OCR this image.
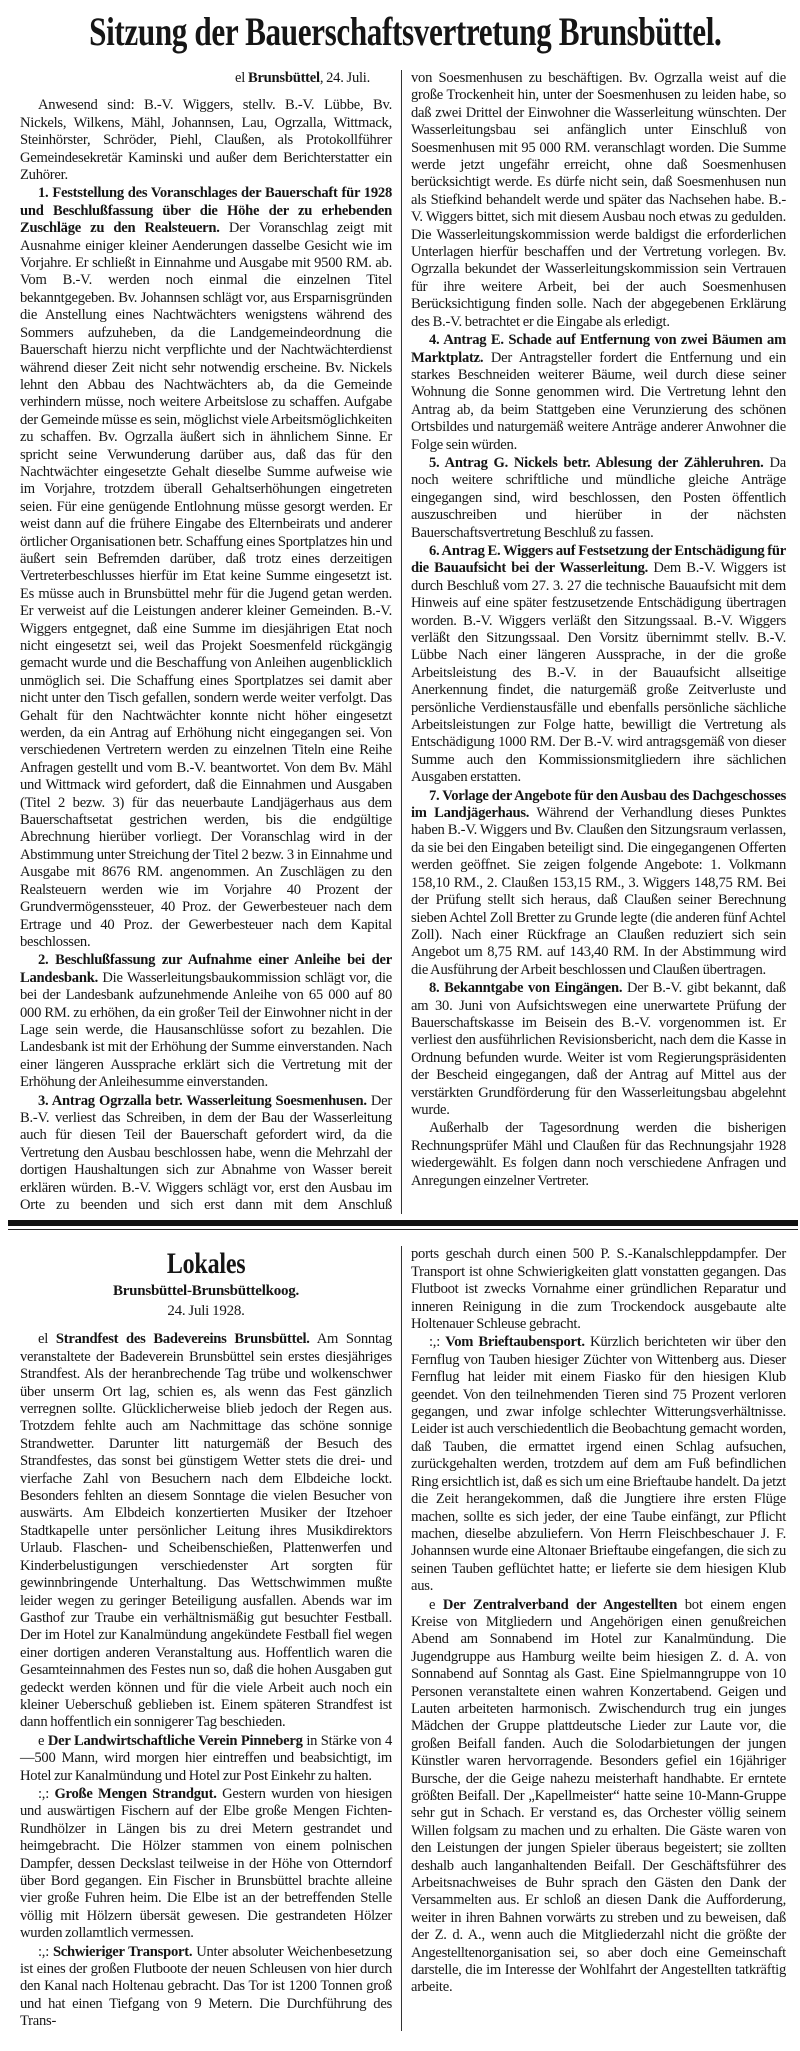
Sitzung der Bauerschaftsvertretung Brunsbüttel.
el Brunsbüttel, 24. Juli.

Anwesend sind: B.-V. Wiggers, stellv. B.-V. Lübbe, Bv. Nickels, Wilkens, Mähl, Johannsen, Lau, Ogrzalla, Wittmack, Steinhörster, Schröder, Piehl, Claußen, als Protokollführer Gemeindesekretär Kaminski und außer dem Berichterstatter ein Zuhörer.

1. Feststellung des Voranschlages der Bauerschaft für 1928 und Beschlußfassung über die Höhe der zu erhebenden Zuschläge zu den Realsteuern. Der Voranschlag zeigt mit Ausnahme einiger kleiner Aenderungen dasselbe Gesicht wie im Vorjahre. Er schließt in Einnahme und Ausgabe mit 9500 RM. ab. Vom B.-V. werden noch einmal die einzelnen Titel bekanntgegeben. Bv. Johannsen schlägt vor, aus Ersparnisgründen die Anstellung eines Nachtwächters wenigstens während des Sommers aufzuheben, da die Landgemeindeordnung die Bauerschaft hierzu nicht verpflichte und der Nachtwächterdienst während dieser Zeit nicht sehr notwendig erscheine. Bv. Nickels lehnt den Abbau des Nachtwächters ab, da die Gemeinde verhindern müsse, noch weitere Arbeitslose zu schaffen. Aufgabe der Gemeinde müsse es sein, möglichst viele Arbeitsmöglichkeiten zu schaffen. Bv. Ogrzalla äußert sich in ähnlichem Sinne. Er spricht seine Verwunderung darüber aus, daß das für den Nachtwächter eingesetzte Gehalt dieselbe Summe aufweise wie im Vorjahre, trotzdem überall Gehaltserhöhungen eingetreten seien. Für eine genügende Entlohnung müsse gesorgt werden. Er weist dann auf die frühere Eingabe des Elternbeirats und anderer örtlicher Organisationen betr. Schaffung eines Sportplatzes hin und äußert sein Befremden darüber, daß trotz eines derzeitigen Vertreterbeschlusses hierfür im Etat keine Summe eingesetzt ist. Es müsse auch in Brunsbüttel mehr für die Jugend getan werden. Er verweist auf die Leistungen anderer kleiner Gemeinden. B.-V. Wiggers entgegnet, daß eine Summe im diesjährigen Etat noch nicht eingesetzt sei, weil das Projekt Soesmenfeld rückgängig gemacht wurde und die Beschaffung von Anleihen augenblicklich unmöglich sei. Die Schaffung eines Sportplatzes sei damit aber nicht unter den Tisch gefallen, sondern werde weiter verfolgt. Das Gehalt für den Nachtwächter konnte nicht höher eingesetzt werden, da ein Antrag auf Erhöhung nicht eingegangen sei. Von verschiedenen Vertretern werden zu einzelnen Titeln eine Reihe Anfragen gestellt und vom B.-V. beantwortet. Von dem Bv. Mähl und Wittmack wird gefordert, daß die Einnahmen und Ausgaben (Titel 2 bezw. 3) für das neuerbaute Landjägerhaus aus dem Bauerschaftsetat gestrichen werden, bis die endgültige Abrechnung hierüber vorliegt. Der Voranschlag wird in der Abstimmung unter Streichung der Titel 2 bezw. 3 in Einnahme und Ausgabe mit 8676 RM. angenommen. An Zuschlägen zu den Realsteuern werden wie im Vorjahre 40 Prozent der Grundvermögenssteuer, 40 Proz. der Gewerbesteuer nach dem Ertrage und 40 Proz. der Gewerbesteuer nach dem Kapital beschlossen.

2. Beschlußfassung zur Aufnahme einer Anleihe bei der Landesbank. Die Wasserleitungsbaukommission schlägt vor, die bei der Landesbank aufzunehmende Anleihe von 65 000 auf 80 000 RM. zu erhöhen, da ein großer Teil der Einwohner nicht in der Lage sein werde, die Hausanschlüsse sofort zu bezahlen. Die Landesbank ist mit der Erhöhung der Summe einverstanden. Nach einer längeren Aussprache erklärt sich die Vertretung mit der Erhöhung der Anleihesumme einverstanden.

3. Antrag Ogrzalla betr. Wasserleitung Soesmenhusen. Der B.-V. verliest das Schreiben, in dem der Bau der Wasserleitung auch für diesen Teil der Bauerschaft gefordert wird, da die Vertretung den Ausbau beschlossen habe, wenn die Mehrzahl der dortigen Haushaltungen sich zur Abnahme von Wasser bereit erklären würden. B.-V. Wiggers schlägt vor, erst den Ausbau im Orte zu beenden und sich erst dann mit dem Anschluß

von Soesmenhusen zu beschäftigen. Bv. Ogrzalla weist auf die große Trockenheit hin, unter der Soesmenhusen zu leiden habe, so daß zwei Drittel der Einwohner die Wasserleitung wünschten. Der Wasserleitungsbau sei anfänglich unter Einschluß von Soesmenhusen mit 95 000 RM. veranschlagt worden. Die Summe werde jetzt ungefähr erreicht, ohne daß Soesmenhusen berücksichtigt werde. Es dürfe nicht sein, daß Soesmenhusen nun als Stiefkind behandelt werde und später das Nachsehen habe. B.-V. Wiggers bittet, sich mit diesem Ausbau noch etwas zu gedulden. Die Wasserleitungskommission werde baldigst die erforderlichen Unterlagen hierfür beschaffen und der Vertretung vorlegen. Bv. Ogrzalla bekundet der Wasserleitungskommission sein Vertrauen für ihre weitere Arbeit, bei der auch Soesmenhusen Berücksichtigung finden solle. Nach der abgegebenen Erklärung des B.-V. betrachtet er die Eingabe als erledigt.

4. Antrag E. Schade auf Entfernung von zwei Bäumen am Marktplatz. Der Antragsteller fordert die Entfernung und ein starkes Beschneiden weiterer Bäume, weil durch diese seiner Wohnung die Sonne genommen wird. Die Vertretung lehnt den Antrag ab, da beim Stattgeben eine Verunzierung des schönen Ortsbildes und naturgemäß weitere Anträge anderer Anwohner die Folge sein würden.

5. Antrag G. Nickels betr. Ablesung der Zähleruhren. Da noch weitere schriftliche und mündliche gleiche Anträge eingegangen sind, wird beschlossen, den Posten öffentlich auszuschreiben und hierüber in der nächsten Bauerschaftsvertretung Beschluß zu fassen.

6. Antrag E. Wiggers auf Festsetzung der Entschädigung für die Bauaufsicht bei der Wasserleitung. Dem B.-V. Wiggers ist durch Beschluß vom 27. 3. 27 die technische Bauaufsicht mit dem Hinweis auf eine später festzusetzende Entschädigung übertragen worden. B.-V. Wiggers verläßt den Sitzungssaal. B.-V. Wiggers verläßt den Sitzungssaal. Den Vorsitz übernimmt stellv. B.-V. Lübbe Nach einer längeren Aussprache, in der die große Arbeitsleistung des B.-V. in der Bauaufsicht allseitige Anerkennung findet, die naturgemäß große Zeitverluste und persönliche Verdienstausfälle und ebenfalls persönliche sächliche Arbeitsleistungen zur Folge hatte, bewilligt die Vertretung als Entschädigung 1000 RM. Der B.-V. wird antragsgemäß von dieser Summe auch den Kommissionsmitgliedern ihre sächlichen Ausgaben erstatten.

7. Vorlage der Angebote für den Ausbau des Dachgeschosses im Landjägerhaus. Während der Verhandlung dieses Punktes haben B.-V. Wiggers und Bv. Claußen den Sitzungsraum verlassen, da sie bei den Eingaben beteiligt sind. Die eingegangenen Offerten werden geöffnet. Sie zeigen folgende Angebote: 1. Volkmann 158,10 RM., 2. Claußen 153,15 RM., 3. Wiggers 148,75 RM. Bei der Prüfung stellt sich heraus, daß Claußen seiner Berechnung sieben Achtel Zoll Bretter zu Grunde legte (die anderen fünf Achtel Zoll). Nach einer Rückfrage an Claußen reduziert sich sein Angebot um 8,75 RM. auf 143,40 RM. In der Abstimmung wird die Ausführung der Arbeit beschlossen und Claußen übertragen.

8. Bekanntgabe von Eingängen. Der B.-V. gibt bekannt, daß am 30. Juni von Aufsichtswegen eine unerwartete Prüfung der Bauerschaftskasse im Beisein des B.-V. vorgenommen ist. Er verliest den ausführlichen Revisionsbericht, nach dem die Kasse in Ordnung befunden wurde. Weiter ist vom Regierungspräsidenten der Bescheid eingegangen, daß der Antrag auf Mittel aus der verstärkten Grundförderung für den Wasserleitungsbau abgelehnt wurde.

Außerhalb der Tagesordnung werden die bisherigen Rechnungsprüfer Mähl und Claußen für das Rechnungsjahr 1928 wiedergewählt. Es folgen dann noch verschiedene Anfragen und Anregungen einzelner Vertreter.

Lokales
Brunsbüttel-Brunsbüttelkoog.
24. Juli 1928.

el Strandfest des Badevereins Brunsbüttel. Am Sonntag veranstaltete der Badeverein Brunsbüttel sein erstes diesjähriges Strandfest. Als der heranbrechende Tag trübe und wolkenschwer über unserm Ort lag, schien es, als wenn das Fest gänzlich verregnen sollte. Glücklicherweise blieb jedoch der Regen aus. Trotzdem fehlte auch am Nachmittage das schöne sonnige Strandwetter. Darunter litt naturgemäß der Besuch des Strandfestes, das sonst bei günstigem Wetter stets die drei- und vierfache Zahl von Besuchern nach dem Elbdeiche lockt. Besonders fehlten an diesem Sonntage die vielen Besucher von auswärts. Am Elbdeich konzertierten Musiker der Itzehoer Stadtkapelle unter persönlicher Leitung ihres Musikdirektors Urlaub. Flaschen- und Scheibenschießen, Plattenwerfen und Kinderbelustigungen verschiedenster Art sorgten für gewinnbringende Unterhaltung. Das Wettschwimmen mußte leider wegen zu geringer Beteiligung ausfallen. Abends war im Gasthof zur Traube ein verhältnismäßig gut besuchter Festball. Der im Hotel zur Kanalmündung angekündete Festball fiel wegen einer dortigen anderen Veranstaltung aus. Hoffentlich waren die Gesamteinnahmen des Festes nun so, daß die hohen Ausgaben gut gedeckt werden können und für die viele Arbeit auch noch ein kleiner Ueberschuß geblieben ist. Einem späteren Strandfest ist dann hoffentlich ein sonnigerer Tag beschieden.

e Der Landwirtschaftliche Verein Pinneberg in Stärke von 4—500 Mann, wird morgen hier eintreffen und beabsichtigt, im Hotel zur Kanalmündung und Hotel zur Post Einkehr zu halten.

:,: Große Mengen Strandgut. Gestern wurden von hiesigen und auswärtigen Fischern auf der Elbe große Mengen Fichten-Rundhölzer in Längen bis zu drei Metern gestrandet und heimgebracht. Die Hölzer stammen von einem polnischen Dampfer, dessen Deckslast teilweise in der Höhe von Otterndorf über Bord gegangen. Ein Fischer in Brunsbüttel brachte alleine vier große Fuhren heim. Die Elbe ist an der betreffenden Stelle völlig mit Hölzern übersät gewesen. Die gestrandeten Hölzer wurden zollamtlich vermessen.

:,: Schwieriger Transport. Unter absoluter Weichenbesetzung ist eines der großen Flutboote der neuen Schleusen von hier durch den Kanal nach Holtenau gebracht. Das Tor ist 1200 Tonnen groß und hat einen Tiefgang von 9 Metern. Die Durchführung des Trans-

ports geschah durch einen 500 P. S.-Kanalschleppdampfer. Der Transport ist ohne Schwierigkeiten glatt vonstatten gegangen. Das Flutboot ist zwecks Vornahme einer gründlichen Reparatur und inneren Reinigung in die zum Trockendock ausgebaute alte Holtenauer Schleuse gebracht.

:,: Vom Brieftaubensport. Kürzlich berichteten wir über den Fernflug von Tauben hiesiger Züchter von Wittenberg aus. Dieser Fernflug hat leider mit einem Fiasko für den hiesigen Klub geendet. Von den teilnehmenden Tieren sind 75 Prozent verloren gegangen, und zwar infolge schlechter Witterungsverhältnisse. Leider ist auch verschiedentlich die Beobachtung gemacht worden, daß Tauben, die ermattet irgend einen Schlag aufsuchen, zurückgehalten werden, trotzdem auf dem am Fuß befindlichen Ring ersichtlich ist, daß es sich um eine Brieftaube handelt. Da jetzt die Zeit herangekommen, daß die Jungtiere ihre ersten Flüge machen, sollte es sich jeder, der eine Taube einfängt, zur Pflicht machen, dieselbe abzuliefern. Von Herrn Fleischbeschauer J. F. Johannsen wurde eine Altonaer Brieftaube eingefangen, die sich zu seinen Tauben geflüchtet hatte; er lieferte sie dem hiesigen Klub aus.

e Der Zentralverband der Angestellten bot einem engen Kreise von Mitgliedern und Angehörigen einen genußreichen Abend am Sonnabend im Hotel zur Kanalmündung. Die Jugendgruppe aus Hamburg weilte beim hiesigen Z. d. A. von Sonnabend auf Sonntag als Gast. Eine Spielmanngruppe von 10 Personen veranstaltete einen wahren Konzertabend. Geigen und Lauten arbeiteten harmonisch. Zwischendurch trug ein junges Mädchen der Gruppe plattdeutsche Lieder zur Laute vor, die großen Beifall fanden. Auch die Solodarbietungen der jungen Künstler waren hervorragende. Besonders gefiel ein 16jähriger Bursche, der die Geige nahezu meisterhaft handhabte. Er erntete größten Beifall. Der „Kapellmeister“ hatte seine 10-Mann-Gruppe sehr gut in Schach. Er verstand es, das Orchester völlig seinem Willen folgsam zu machen und zu erhalten. Die Gäste waren von den Leistungen der jungen Spieler überaus begeistert; sie zollten deshalb auch langanhaltenden Beifall. Der Geschäftsführer des Arbeitsnachweises de Buhr sprach den Gästen den Dank der Versammelten aus. Er schloß an diesen Dank die Aufforderung, weiter in ihren Bahnen vorwärts zu streben und zu beweisen, daß der Z. d. A., wenn auch die Mitgliederzahl nicht die größte der Angestelltenorganisation sei, so aber doch eine Gemeinschaft darstelle, die im Interesse der Wohlfahrt der Angestellten tatkräftig arbeite.
